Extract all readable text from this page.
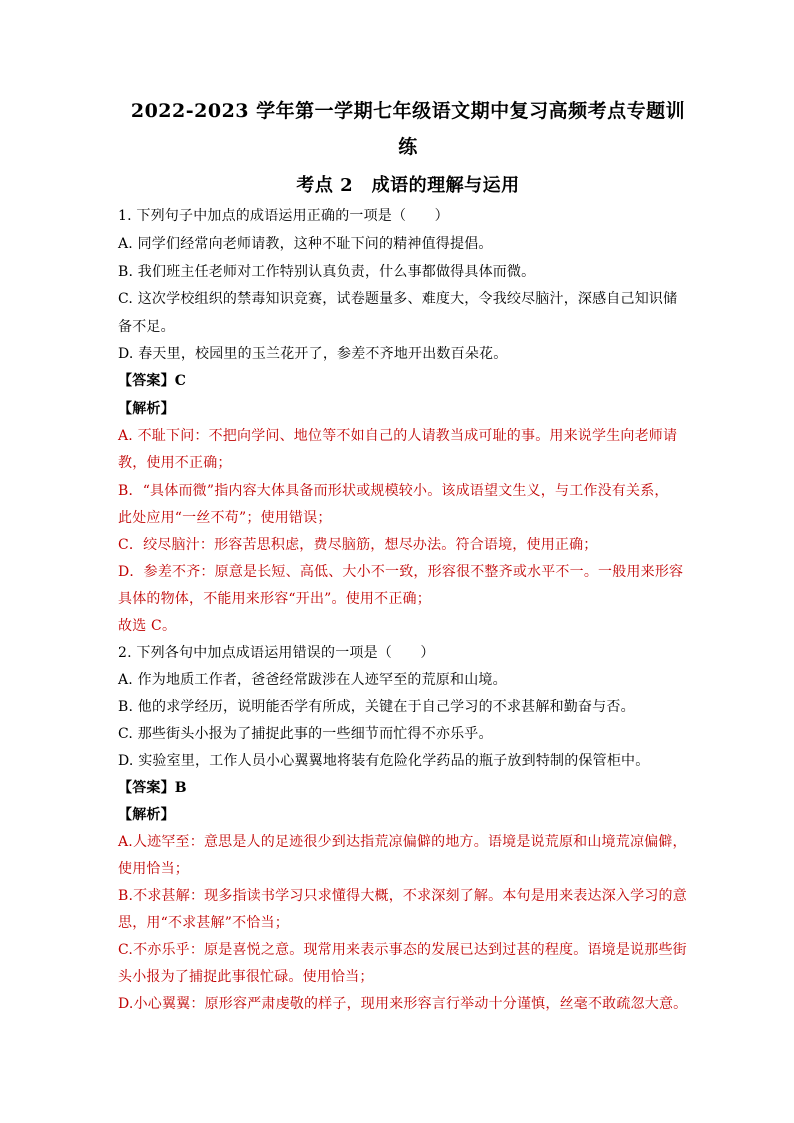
2022-2023 学年第一学期七年级语文期中复习高频考点专题训
练
考点 2　成语的理解与运用
1. 下列句子中加点的成语运用正确的一项是（　　）
A. 同学们经常向老师请教，这种不耻下问的精神值得提倡。
B. 我们班主任老师对工作特别认真负责，什么事都做得具体而微。
C. 这次学校组织的禁毒知识竞赛，试卷题量多、难度大，令我绞尽脑汁，深感自己知识储
备不足。
D. 春天里，校园里的玉兰花开了，参差不齐地开出数百朵花。
【答案】C
【解析】
A. 不耻下问：不把向学问、地位等不如自己的人请教当成可耻的事。用来说学生向老师请
教，使用不正确；
B．“具体而微”指内容大体具备而形状或规模较小。该成语望文生义，与工作没有关系，
此处应用“一丝不苟”；使用错误；
C．绞尽脑汁：形容苦思积虑，费尽脑筋，想尽办法。符合语境，使用正确；
D．参差不齐：原意是长短、高低、大小不一致，形容很不整齐或水平不一。一般用来形容
具体的物体，不能用来形容“开出”。使用不正确；
故选 C。
2. 下列各句中加点成语运用错误的一项是（　　）
A. 作为地质工作者，爸爸经常跋涉在人迹罕至的荒原和山境。
B. 他的求学经历，说明能否学有所成，关键在于自己学习的不求甚解和勤奋与否。
C. 那些街头小报为了捕捉此事的一些细节而忙得不亦乐乎。
D. 实验室里，工作人员小心翼翼地将装有危险化学药品的瓶子放到特制的保管柜中。
【答案】B
【解析】
A.人迹罕至：意思是人的足迹很少到达指荒凉偏僻的地方。语境是说荒原和山境荒凉偏僻，
使用恰当；
B.不求甚解：现多指读书学习只求懂得大概，不求深刻了解。本句是用来表达深入学习的意
思，用“不求甚解”不恰当；
C.不亦乐乎：原是喜悦之意。现常用来表示事态的发展已达到过甚的程度。语境是说那些街
头小报为了捕捉此事很忙碌。使用恰当；
D.小心翼翼：原形容严肃虔敬的样子，现用来形容言行举动十分谨慎，丝毫不敢疏忽大意。
